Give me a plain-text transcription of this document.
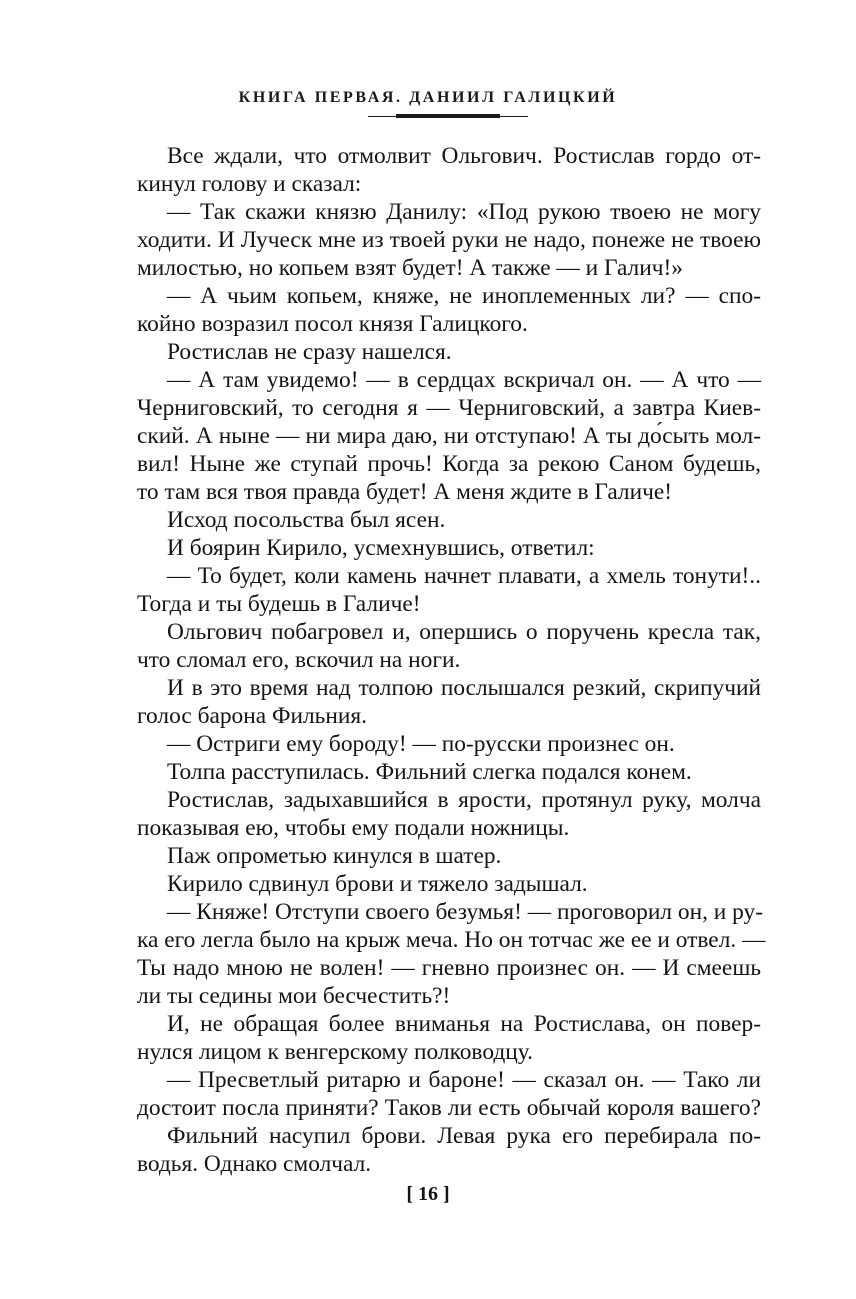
КНИГА ПЕРВАЯ. ДАНИИЛ ГАЛИЦКИЙ
Все ждали, что отмолвит Ольгович. Ростислав гордо от-
кинул голову и сказал:
— Так скажи князю Данилу: «Под рукою твоею не могу
ходити. И Луческ мне из твоей руки не надо, понеже не твоею
милостью, но копьем взят будет! А также — и Галич!»
— А чьим копьем, княже, не иноплеменных ли? — спо-
койно возразил посол князя Галицкого.
Ростислав не сразу нашелся.
— А там увидемо! — в сердцах вскричал он. — А что —
Черниговский, то сегодня я — Черниговский, а завтра Киев-
ский. А ныне — ни мира даю, ни отступаю! А ты до́сыть мол-
вил! Ныне же ступай прочь! Когда за рекою Саном будешь,
то там вся твоя правда будет! А меня ждите в Галиче!
Исход посольства был ясен.
И боярин Кирило, усмехнувшись, ответил:
— То будет, коли камень начнет плавати, а хмель тонути!..
Тогда и ты будешь в Галиче!
Ольгович побагровел и, опершись о поручень кресла так,
что сломал его, вскочил на ноги.
И в это время над толпою послышался резкий, скрипучий
голос барона Фильния.
— Остриги ему бороду! — по-русски произнес он.
Толпа расступилась. Фильний слегка подался конем.
Ростислав, задыхавшийся в ярости, протянул руку, молча
показывая ею, чтобы ему подали ножницы.
Паж опрометью кинулся в шатер.
Кирило сдвинул брови и тяжело задышал.
— Княже! Отступи своего безумья! — проговорил он, и ру-
ка его легла было на крыж меча. Но он тотчас же ее и отвел. —
Ты надо мною не волен! — гневно произнес он. — И смеешь
ли ты седины мои бесчестить?!
И, не обращая более вниманья на Ростислава, он повер-
нулся лицом к венгерскому полководцу.
— Пресветлый ритарю и бароне! — сказал он. — Тако ли
достоит посла приняти? Таков ли есть обычай короля вашего?
Фильний насупил брови. Левая рука его перебирала по-
водья. Однако смолчал.
[ 16 ]
